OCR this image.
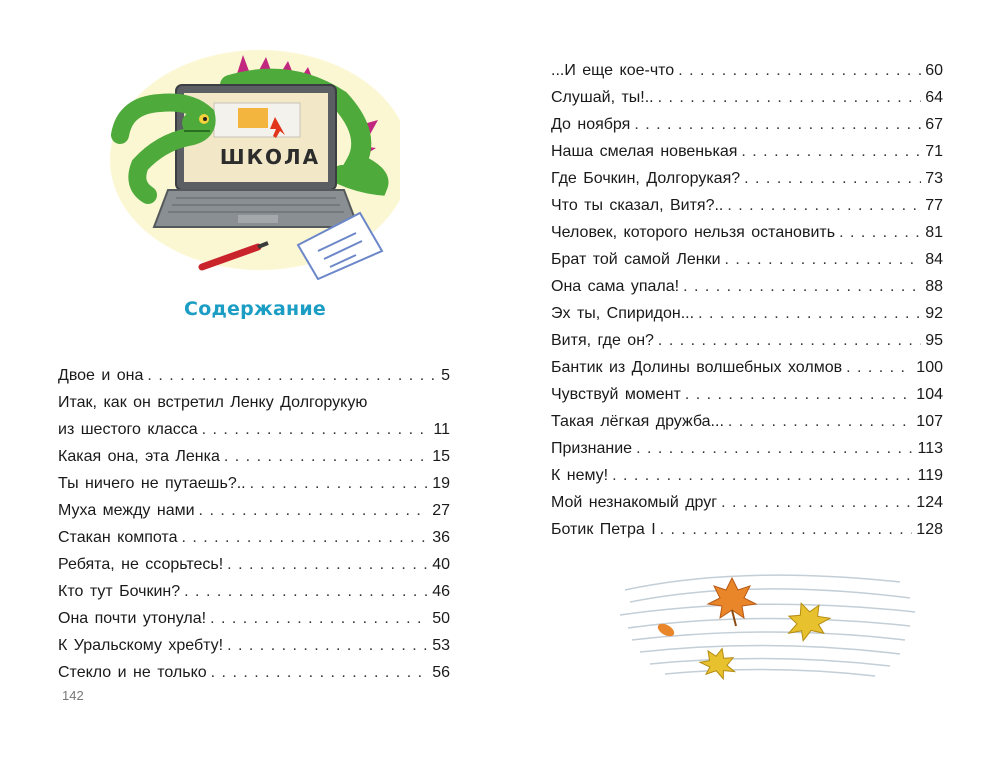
ШКОЛА
Содержание
Двое и она . . .	5
Итак, как он встретил Ленку Долгорукую
из шестого класса . . .	11
Какая она, эта Ленка . . .	15
Ты ничего не путаешь?.. . . .	19
Муха между нами . . .	27
Стакан компота . . .	36
Ребята, не ссорьтесь! . . .	40
Кто тут Бочкин? . . .	46
Она почти утонула! . . .	50
К Уральскому хребту! . . .	53
Стекло и не только . . .	56
142
...И еще кое-что . . .	60
Слушай, ты!.. . . .	64
До ноября . . .	67
Наша смелая новенькая . . .	71
Где Бочкин, Долгорукая? . . .	73
Что ты сказал, Витя?.. . . .	77
Человек, которого нельзя остановить . . .	81
Брат той самой Ленки . . .	84
Она сама упала! . . .	88
Эх ты, Спиридон... . . .	92
Витя, где он? . . .	95
Бантик из Долины волшебных холмов . . .	100
Чувствуй момент . . .	104
Такая лёгкая дружба... . . .	107
Признание . . .	113
К нему! . . .	119
Мой незнакомый друг . . .	124
Ботик Петра I . . .	128
